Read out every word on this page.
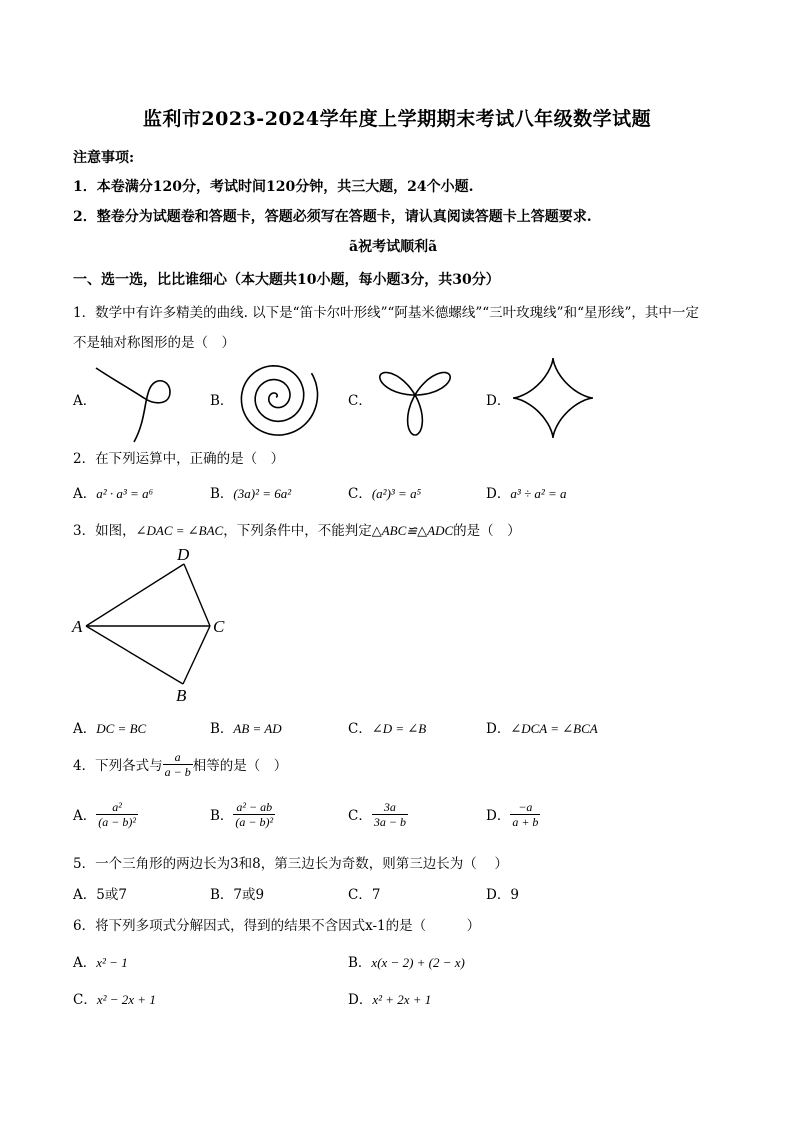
监利市2023-2024学年度上学期期末考试八年级数学试题
注意事项:
1．本卷满分120分，考试时间120分钟，共三大题，24个小题.
2．整卷分为试题卷和答题卡，答题必须写在答题卡，请认真阅读答题卡上答题要求.
ã祝考试顺利ã
一、选一选，比比谁细心（本大题共10小题，每小题3分，共30分）
1．数学中有许多精美的曲线. 以下是“笛卡尔叶形线”“阿基米德螺线”“三叶玫瑰线”和“星形线”，其中一定
不是轴对称图形的是（　）
A．	B．	C．	D．
2．在下列运算中，正确的是（　）
A．a² · a³ = a⁶	B．(3a)² = 6a²	C．(a²)³ = a⁵	D．a³ ÷ a² = a
3．如图，∠DAC = ∠BAC，下列条件中，不能判定△ABC≌△ADC的是（　）
A
D
C
B
A．DC = BC	B．AB = AD	C．∠D = ∠B	D．∠DCA = ∠BCA
4．下列各式与 $\frac{a}{a - b}$ 相等的是（　）
A． $\frac{\text{a²}}{\text{(a − b)²}}$	B． $\frac{\text{a² − ab}}{\text{(a − b)²}}$	C． $\frac{3a}{3a - b}$	D． $\frac{-a}{a + b}$
5．一个三角形的两边长为3和8，第三边长为奇数，则第三边长为（　 ）
A．5或7	B．7或9	C．7	D．9
6．将下列多项式分解因式，得到的结果不含因式x-1的是（　　　）
A．x² − 1	B．x(x − 2) + (2 − x)
C．x² − 2x + 1	D．x² + 2x + 1
